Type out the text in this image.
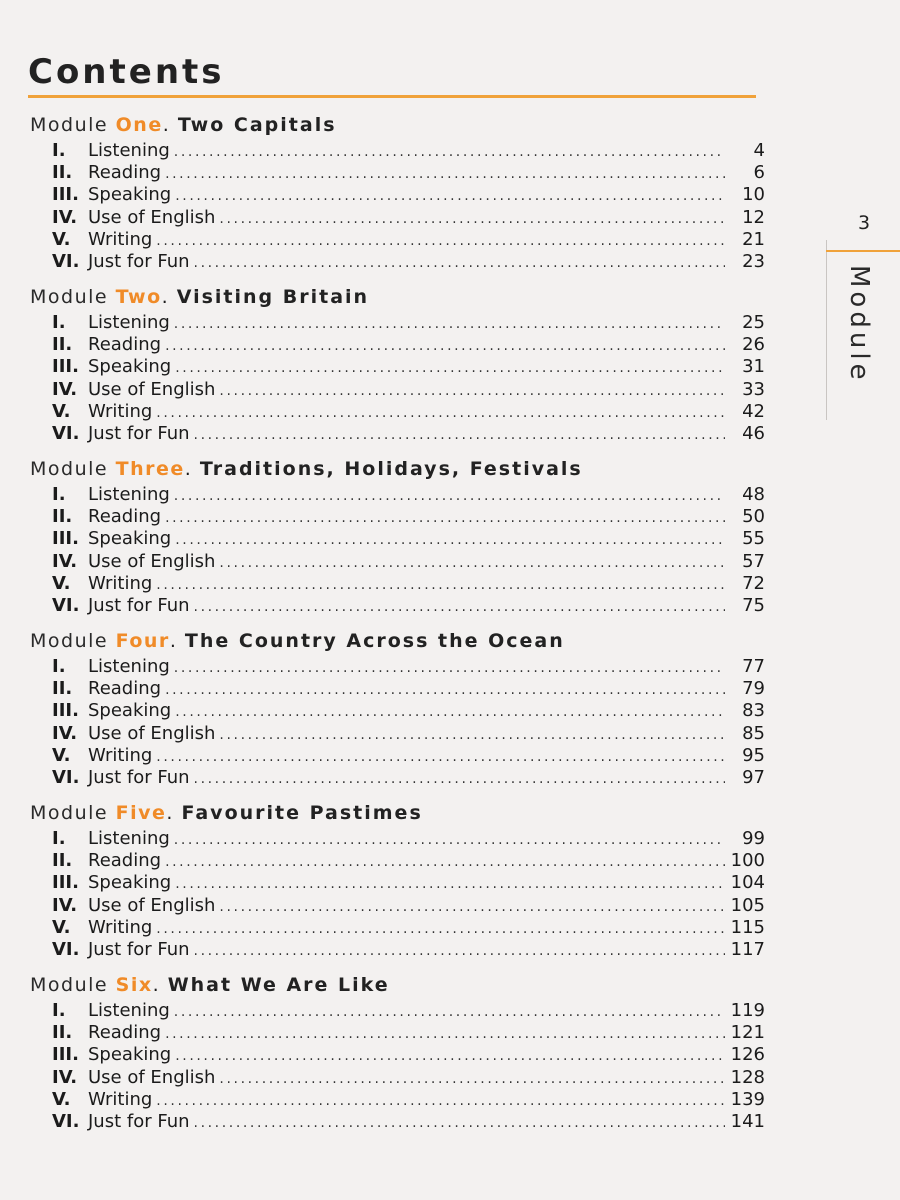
Contents
3
Module
Module One. Two Capitals
I.	Listening .....	4
II. Reading .....	6
III. Speaking .....	10
IV. Use of English .....	12
V. Writing .....	21
VI. Just for Fun .....	23
Module Two. Visiting Britain
I.	Listening .....	25
II. Reading .....	26
III. Speaking .....	31
IV. Use of English .....	33
V. Writing .....	42
VI. Just for Fun .....	46
Module Three. Traditions, Holidays, Festivals
I.	Listening .....	48
II. Reading .....	50
III. Speaking .....	55
IV. Use of English .....	57
V. Writing .....	72
VI. Just for Fun .....	75
Module Four. The Country Across the Ocean
I.	Listening .....	77
II. Reading .....	79
III. Speaking .....	83
IV. Use of English .....	85
V. Writing .....	95
VI. Just for Fun .....	97
Module Five. Favourite Pastimes
I.	Listening .....	99
II. Reading .....	100
III. Speaking .....	104
IV. Use of English .....	105
V. Writing .....	115
VI. Just for Fun .....	117
Module Six. What We Are Like
I.	Listening .....	119
II. Reading .....	121
III. Speaking .....	126
IV. Use of English .....	128
V. Writing .....	139
VI. Just for Fun .....	141
